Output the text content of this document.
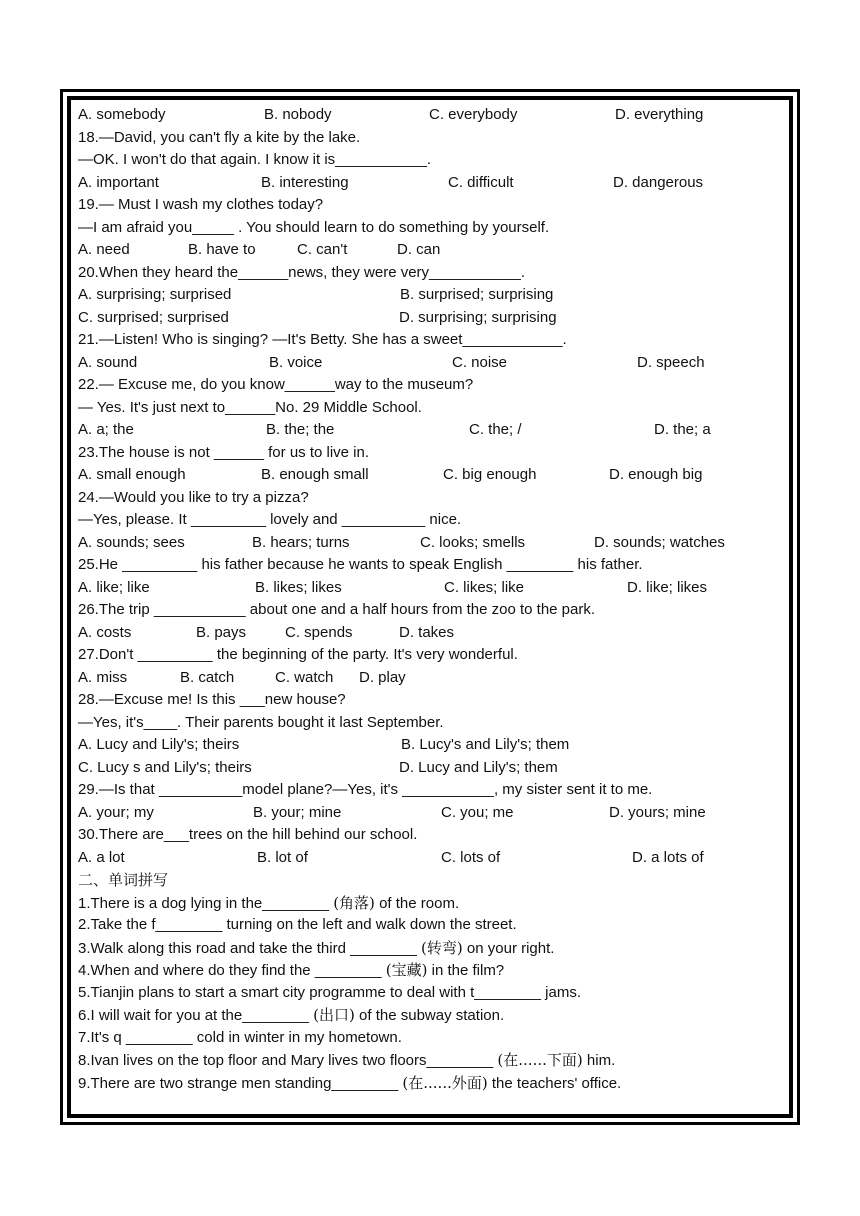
A. somebody	B. nobody	C. everybody	D. everything
18.—David, you can't fly a kite by the lake.
—OK. I won't do that again. I know it is___________.
A. important	B. interesting	C. difficult	D. dangerous
19.— Must I wash my clothes today?
—I am afraid you_____ . You should learn to do something by yourself.
A. need	B. have to	C. can't	D. can
20.When they heard the______news, they were very___________.
A. surprising; surprised	B. surprised; surprising
C. surprised; surprised	D. surprising; surprising
21.—Listen! Who is singing? —It's Betty. She has a sweet____________.
A. sound	B. voice	C. noise	D. speech
22.— Excuse me, do you know______way to the museum?
— Yes. It's just next to______No. 29 Middle School.
A. a; the	B. the; the	C. the; /	D. the; a
23.The house is not ______ for us to live in.
A. small enough	B. enough small	C. big enough	D. enough big
24.—Would you like to try a pizza?
—Yes, please. It _________ lovely and __________ nice.
A. sounds; sees	B. hears; turns	C. looks; smells	D. sounds; watches
25.He _________ his father because he wants to speak English ________ his father.
A. like; like	B. likes; likes	C. likes; like	D. like; likes
26.The trip ___________ about one and a half hours from the zoo to the park.
A. costs	B. pays	C. spends	D. takes
27.Don't _________ the beginning of the party. It's very wonderful.
A. miss	B. catch	C. watch D. play
28.—Excuse me! Is this ___new house?
—Yes, it's____. Their parents bought it last September.
A. Lucy and Lily's; theirs	B. Lucy's and Lily's; them
C. Lucy s and Lily's; theirs	D. Lucy and Lily's; them
29.—Is that __________model plane?—Yes, it's ___________, my sister sent it to me.
A. your; my	B. your; mine	C. you; me	D. yours; mine
30.There are___trees on the hill behind our school.
A. a lot	B. lot of	C. lots of	D. a lots of
二、单词拼写
1.There is a dog lying in the________ (角落) of the room.
2.Take the f________ turning on the left and walk down the street.
3.Walk along this road and take the third ________ (转弯) on your right.
4.When and where do they find the ________ (宝藏) in the film?
5.Tianjin plans to start a smart city programme to deal with t________ jams.
6.I will wait for you at the________ (出口) of the subway station.
7.It's q ________ cold in winter in my hometown.
8.Ivan lives on the top floor and Mary lives two floors________ (在......下面) him.
9.There are two strange men standing________ (在......外面) the teachers' office.
